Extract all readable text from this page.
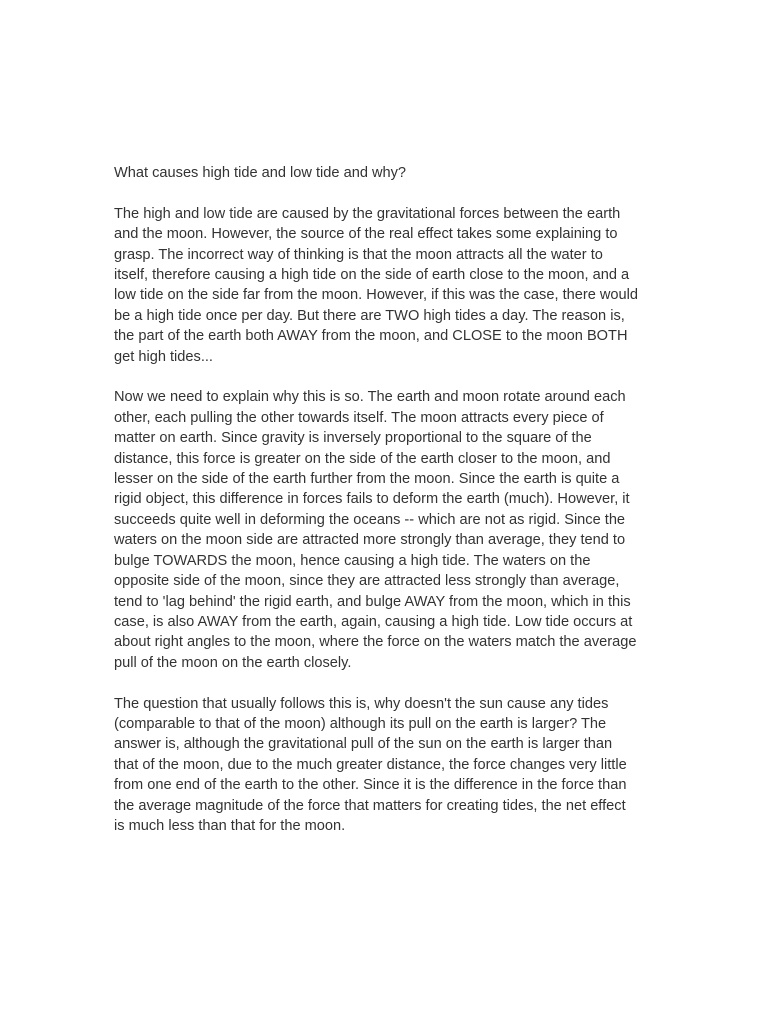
What causes high tide and low tide and why?
The high and low tide are caused by the gravitational forces between the earth
and the moon. However, the source of the real effect takes some explaining to
grasp. The incorrect way of thinking is that the moon attracts all the water to
itself, therefore causing a high tide on the side of earth close to the moon, and a
low tide on the side far from the moon. However, if this was the case, there would
be a high tide once per day. But there are TWO high tides a day. The reason is,
the part of the earth both AWAY from the moon, and CLOSE to the moon BOTH
get high tides...
Now we need to explain why this is so. The earth and moon rotate around each
other, each pulling the other towards itself. The moon attracts every piece of
matter on earth. Since gravity is inversely proportional to the square of the
distance, this force is greater on the side of the earth closer to the moon, and
lesser on the side of the earth further from the moon. Since the earth is quite a
rigid object, this difference in forces fails to deform the earth (much). However, it
succeeds quite well in deforming the oceans -- which are not as rigid. Since the
waters on the moon side are attracted more strongly than average, they tend to
bulge TOWARDS the moon, hence causing a high tide. The waters on the
opposite side of the moon, since they are attracted less strongly than average,
tend to 'lag behind' the rigid earth, and bulge AWAY from the moon, which in this
case, is also AWAY from the earth, again, causing a high tide. Low tide occurs at
about right angles to the moon, where the force on the waters match the average
pull of the moon on the earth closely.
The question that usually follows this is, why doesn't the sun cause any tides
(comparable to that of the moon) although its pull on the earth is larger? The
answer is, although the gravitational pull of the sun on the earth is larger than
that of the moon, due to the much greater distance, the force changes very little
from one end of the earth to the other. Since it is the difference in the force than
the average magnitude of the force that matters for creating tides, the net effect
is much less than that for the moon.
